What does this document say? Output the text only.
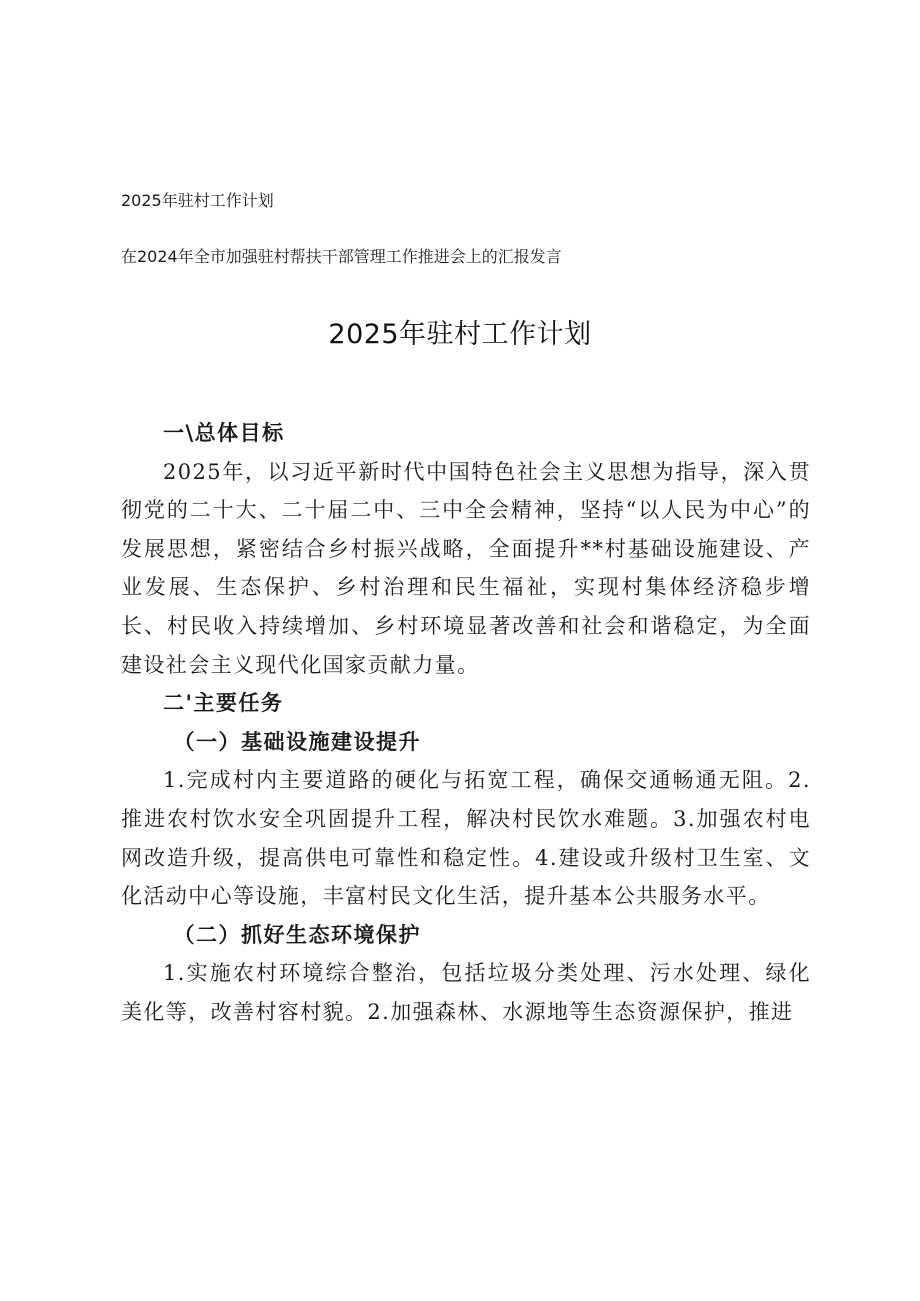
2025年驻村工作计划
在2024年全市加强驻村帮扶干部管理工作推进会上的汇报发言
2025年驻村工作计划

一\总体目标

2025年，以习近平新时代中国特色社会主义思想为指导，深入贯彻党的二十大、二十届二中、三中全会精神，坚持“以人民为中心”的发展思想，紧密结合乡村振兴战略，全面提升**村基础设施建设、产业发展、生态保护、乡村治理和民生福祉，实现村集体经济稳步增长、村民收入持续增加、乡村环境显著改善和社会和谐稳定，为全面建设社会主义现代化国家贡献力量。

二'主要任务

（一）基础设施建设提升

1.完成村内主要道路的硬化与拓宽工程，确保交通畅通无阻。2.推进农村饮水安全巩固提升工程，解决村民饮水难题。3.加强农村电网改造升级，提高供电可靠性和稳定性。4.建设或升级村卫生室、文化活动中心等设施，丰富村民文化生活，提升基本公共服务水平。

（二）抓好生态环境保护

1.实施农村环境综合整治，包括垃圾分类处理、污水处理、绿化美化等，改善村容村貌。2.加强森林、水源地等生态资源保护，推进
